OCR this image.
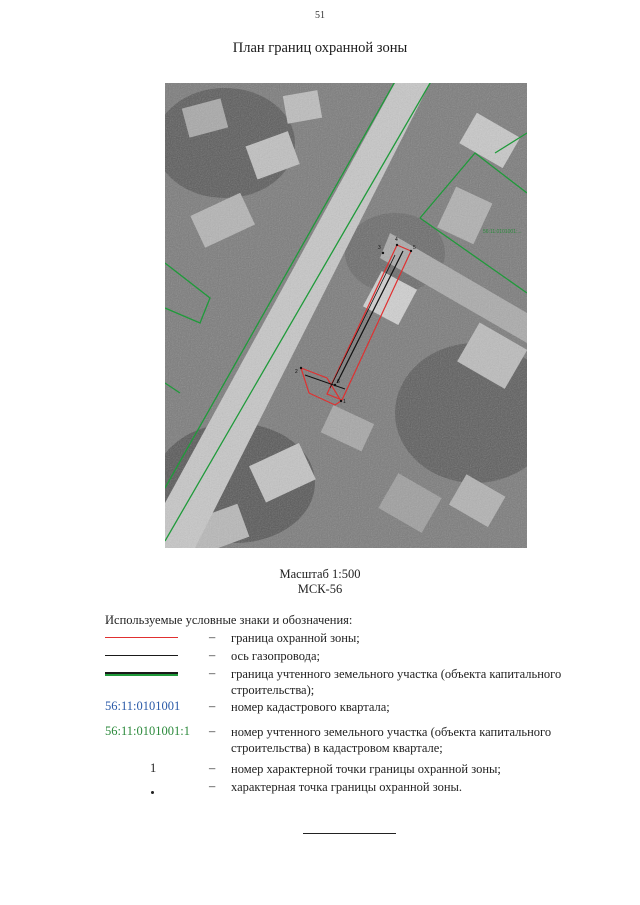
51
План границ охранной зоны
56:11:0101001:...
4
5
3
2
1
6
Масштаб 1:500
МСК-56
Используемые условные знаки и обозначения:
– граница охранной зоны;
– ось газопровода;
– граница учтенного земельного участка (объекта капитального строительства);
56:11:0101001 – номер кадастрового квартала;
56:11:0101001:1 – номер учтенного земельного участка (объекта капитального строительства) в кадастровом квартале;
1	– номер характерной точки границы охранной зоны;
– характерная точка границы охранной зоны.
